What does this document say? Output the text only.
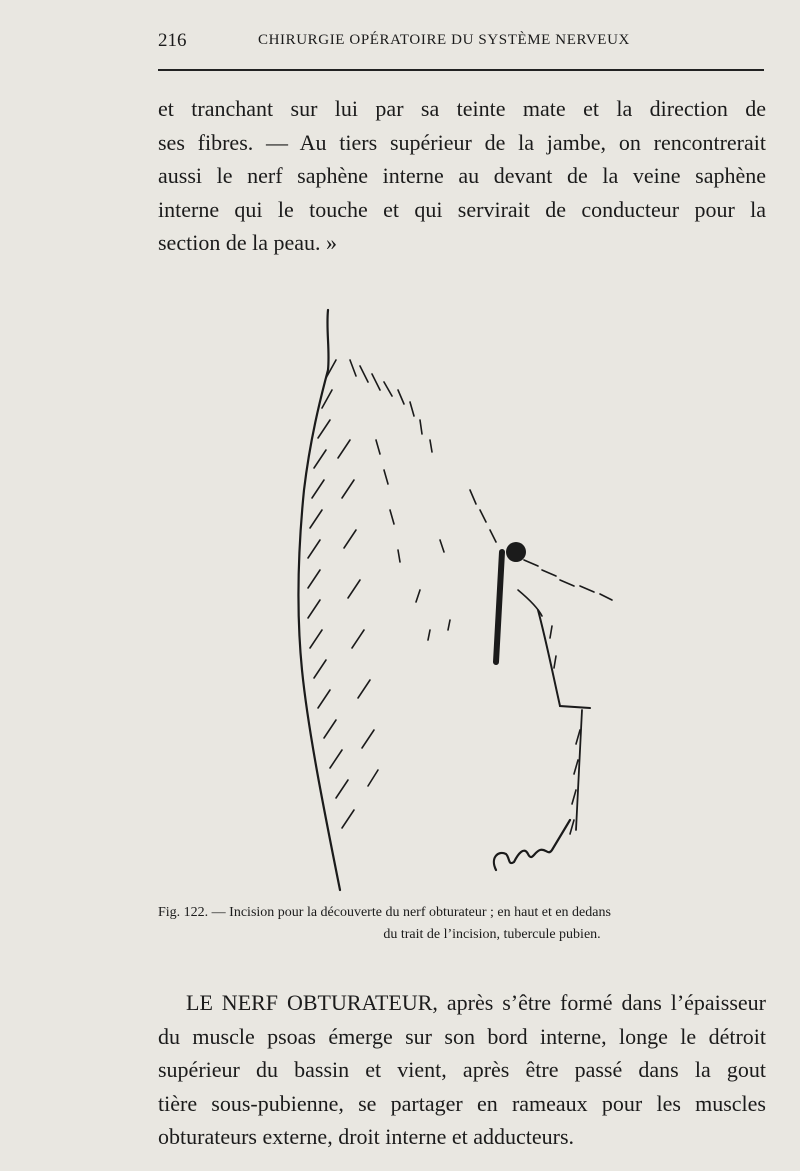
216	CHIRURGIE OPÉRATOIRE DU SYSTÈME NERVEUX
et tranchant sur lui par sa teinte mate et la direction de
ses fibres. — Au tiers supérieur de la jambe, on rencontrerait
aussi le nerf saphène interne au devant de la veine saphène
interne qui le touche et qui servirait de conducteur pour la
section de la peau. »
Fig. 122. — Incision pour la découverte du nerf obturateur ; en haut et en dedans
du trait de l’incision, tubercule pubien.
LE NERF OBTURATEUR, après s’être formé dans l’épaisseur
du muscle psoas émerge sur son bord interne, longe le détroit
supérieur du bassin et vient, après être passé dans la gout
tière sous-pubienne, se partager en rameaux pour les muscles
obturateurs externe, droit interne et adducteurs.
